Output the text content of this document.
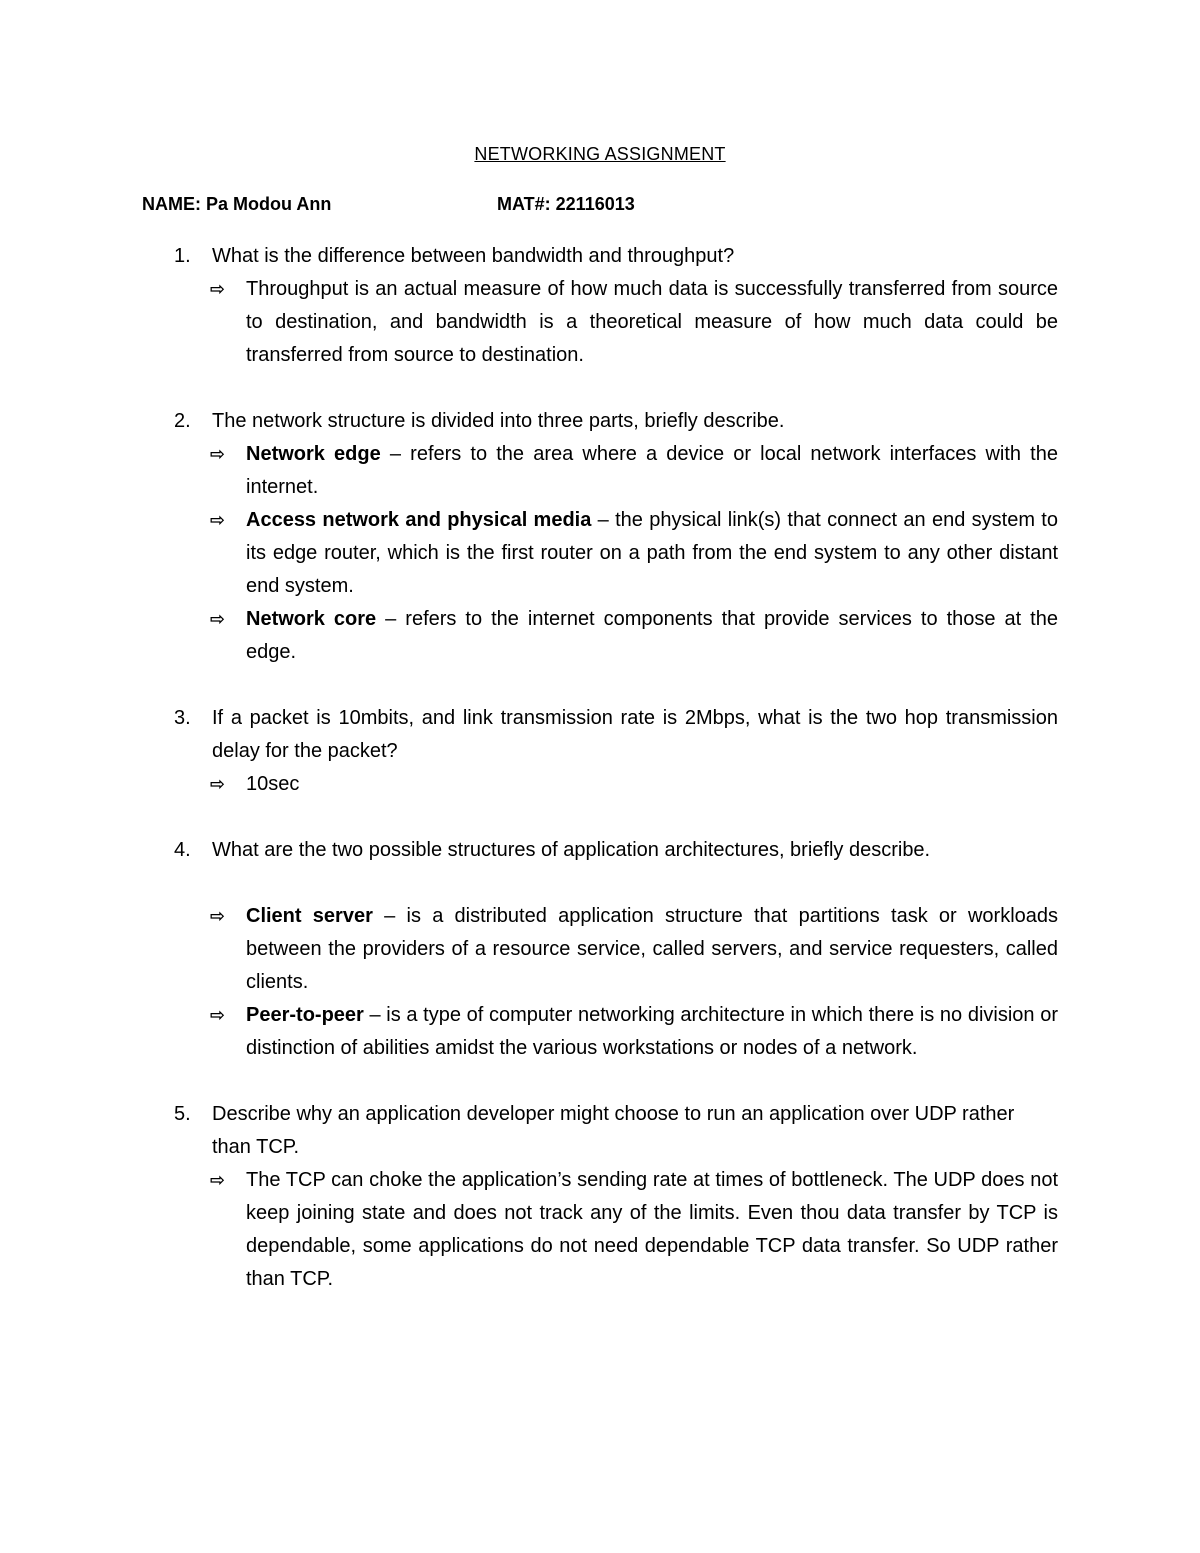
NETWORKING ASSIGNMENT
NAME: Pa Modou Ann	MAT#: 22116013
1.	What is the difference between bandwidth and throughput?
⇨	Throughput is an actual measure of how much data is successfully transferred from source to destination, and bandwidth is a theoretical measure of how much data could be transferred from source to destination.
2.	The network structure is divided into three parts, briefly describe.
⇨	Network edge – refers to the area where a device or local network interfaces with the internet.
⇨	Access network and physical media – the physical link(s) that connect an end system to its edge router, which is the first router on a path from the end system to any other distant end system.
⇨	Network core – refers to the internet components that provide services to those at the edge.
3.	If a packet is 10mbits, and link transmission rate is 2Mbps, what is the two hop transmission delay for the packet?
⇨	10sec
4.	What are the two possible structures of application architectures, briefly describe.
⇨	Client server – is a distributed application structure that partitions task or workloads between the providers of a resource service, called servers, and service requesters, called clients.
⇨	Peer-to-peer – is a type of computer networking architecture in which there is no division or distinction of abilities amidst the various workstations or nodes of a network.
5.	Describe why an application developer might choose to run an application over UDP rather than TCP.
⇨	The TCP can choke the application’s sending rate at times of bottleneck. The UDP does not keep joining state and does not track any of the limits. Even thou data transfer by TCP is dependable, some applications do not need dependable TCP data transfer. So UDP rather than TCP.
